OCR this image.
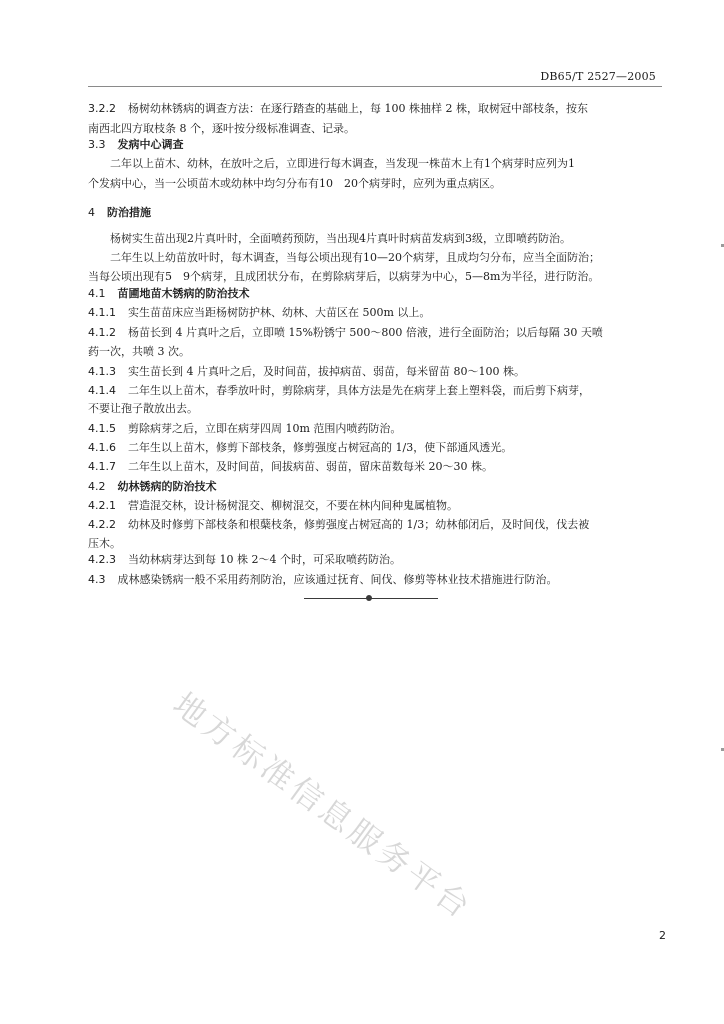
DB65/T 2527—2005
3.2.2 杨树幼林锈病的调查方法：在逐行踏查的基础上，每 100 株抽样 2 株，取树冠中部枝条，按东
南西北四方取枝条 8 个，逐叶按分级标准调查、记录。
3.3 发病中心调查
二年以上苗木、幼林，在放叶之后，立即进行每木调查，当发现一株苗木上有1个病芽时应列为1
个发病中心，当一公顷苗木或幼林中均匀分布有10　20个病芽时，应列为重点病区。
4 防治措施
杨树实生苗出现2片真叶时，全面喷药预防，当出现4片真叶时病苗发病到3级，立即喷药防治。
二年生以上幼苗放叶时，每木调查，当每公顷出现有10—20个病芽，且成均匀分布，应当全面防治；
当每公顷出现有5　9个病芽，且成团状分布，在剪除病芽后，以病芽为中心，5—8m为半径，进行防治。
4.1 苗圃地苗木锈病的防治技术
4.1.1 实生苗苗床应当距杨树防护林、幼林、大苗区在 500m 以上。
4.1.2 杨苗长到 4 片真叶之后，立即喷 15%粉锈宁 500～800 倍液，进行全面防治；以后每隔 30 天喷
药一次，共喷 3 次。
4.1.3 实生苗长到 4 片真叶之后，及时间苗，拔掉病苗、弱苗，每米留苗 80～100 株。
4.1.4 二年生以上苗木，春季放叶时，剪除病芽，具体方法是先在病芽上套上塑料袋，而后剪下病芽，
不要让孢子散放出去。
4.1.5 剪除病芽之后，立即在病芽四周 10m 范围内喷药防治。
4.1.6 二年生以上苗木，修剪下部枝条，修剪强度占树冠高的 1/3，使下部通风透光。
4.1.7 二年生以上苗木，及时间苗，间拔病苗、弱苗，留床苗数每米 20～30 株。
4.2 幼林锈病的防治技术
4.2.1 营造混交林，设计杨树混交、柳树混交，不要在林内间种鬼属植物。
4.2.2 幼林及时修剪下部枝条和根蘖枝条，修剪强度占树冠高的 1/3；幼林郁闭后，及时间伐，伐去被
压木。
4.2.3 当幼林病芽达到每 10 株 2～4 个时，可采取喷药防治。
4.3 成林感染锈病一般不采用药剂防治，应该通过抚育、间伐、修剪等林业技术措施进行防治。
地方标准信息服务平台
2
